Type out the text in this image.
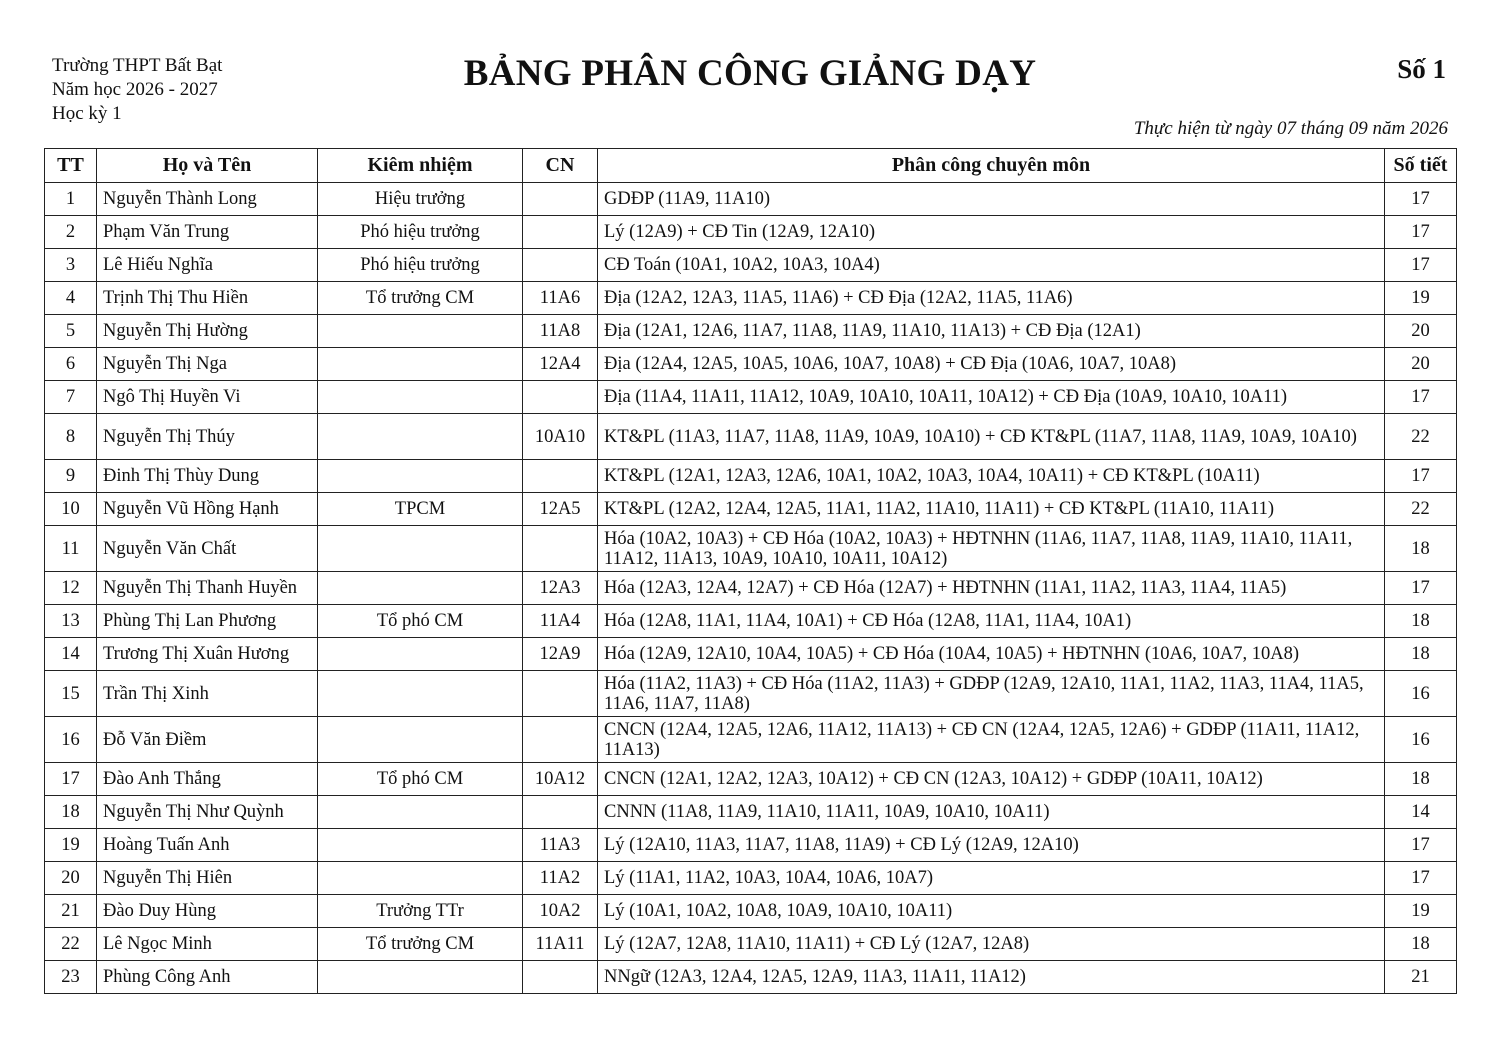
Trường THPT Bất Bạt
Năm học 2026 - 2027
Học kỳ 1
BẢNG PHÂN CÔNG GIẢNG DẠY	Số 1
Thực hiện từ ngày 07 tháng 09 năm 2026
TT	Họ và Tên	Kiêm nhiệm	CN	Phân công chuyên môn	Số tiết
1	Nguyễn Thành Long	Hiệu trưởng		GDĐP (11A9, 11A10)	17
2	Phạm Văn Trung	Phó hiệu trưởng		Lý (12A9) + CĐ Tin (12A9, 12A10)	17
3	Lê Hiếu Nghĩa	Phó hiệu trưởng		CĐ Toán (10A1, 10A2, 10A3, 10A4)	17
4	Trịnh Thị Thu Hiền	Tổ trưởng CM	11A6	Địa (12A2, 12A3, 11A5, 11A6) + CĐ Địa (12A2, 11A5, 11A6)	19
5	Nguyễn Thị Hường		11A8	Địa (12A1, 12A6, 11A7, 11A8, 11A9, 11A10, 11A13) + CĐ Địa (12A1)	20
6	Nguyễn Thị Nga		12A4	Địa (12A4, 12A5, 10A5, 10A6, 10A7, 10A8) + CĐ Địa (10A6, 10A7, 10A8)	20
7	Ngô Thị Huyền Vi			Địa (11A4, 11A11, 11A12, 10A9, 10A10, 10A11, 10A12) + CĐ Địa (10A9, 10A10, 10A11)	17
8	Nguyễn Thị Thúy		10A10	KT&PL (11A3, 11A7, 11A8, 11A9, 10A9, 10A10) + CĐ KT&PL (11A7, 11A8, 11A9, 10A9, 10A10)	22
9	Đinh Thị Thùy Dung			KT&PL (12A1, 12A3, 12A6, 10A1, 10A2, 10A3, 10A4, 10A11) + CĐ KT&PL (10A11)	17
10	Nguyễn Vũ Hồng Hạnh	TPCM	12A5	KT&PL (12A2, 12A4, 12A5, 11A1, 11A2, 11A10, 11A11) + CĐ KT&PL (11A10, 11A11)	22
11	Nguyễn Văn Chất			Hóa (10A2, 10A3) + CĐ Hóa (10A2, 10A3) + HĐTNHN (11A6, 11A7, 11A8, 11A9, 11A10, 11A11, 11A12, 11A13, 10A9, 10A10, 10A11, 10A12)	18
12	Nguyễn Thị Thanh Huyền		12A3	Hóa (12A3, 12A4, 12A7) + CĐ Hóa (12A7) + HĐTNHN (11A1, 11A2, 11A3, 11A4, 11A5)	17
13	Phùng Thị Lan Phương	Tổ phó CM	11A4	Hóa (12A8, 11A1, 11A4, 10A1) + CĐ Hóa (12A8, 11A1, 11A4, 10A1)	18
14	Trương Thị Xuân Hương		12A9	Hóa (12A9, 12A10, 10A4, 10A5) + CĐ Hóa (10A4, 10A5) + HĐTNHN (10A6, 10A7, 10A8)	18
15	Trần Thị Xinh			Hóa (11A2, 11A3) + CĐ Hóa (11A2, 11A3) + GDĐP (12A9, 12A10, 11A1, 11A2, 11A3, 11A4, 11A5, 11A6, 11A7, 11A8)	16
16	Đỗ Văn Điềm			CNCN (12A4, 12A5, 12A6, 11A12, 11A13) + CĐ CN (12A4, 12A5, 12A6) + GDĐP (11A11, 11A12, 11A13)	16
17	Đào Anh Thắng	Tổ phó CM	10A12	CNCN (12A1, 12A2, 12A3, 10A12) + CĐ CN (12A3, 10A12) + GDĐP (10A11, 10A12)	18
18	Nguyễn Thị Như Quỳnh			CNNN (11A8, 11A9, 11A10, 11A11, 10A9, 10A10, 10A11)	14
19	Hoàng Tuấn Anh		11A3	Lý (12A10, 11A3, 11A7, 11A8, 11A9) + CĐ Lý (12A9, 12A10)	17
20	Nguyễn Thị Hiên		11A2	Lý (11A1, 11A2, 10A3, 10A4, 10A6, 10A7)	17
21	Đào Duy Hùng	Trưởng TTr	10A2	Lý (10A1, 10A2, 10A8, 10A9, 10A10, 10A11)	19
22	Lê Ngọc Minh	Tổ trưởng CM	11A11	Lý (12A7, 12A8, 11A10, 11A11) + CĐ Lý (12A7, 12A8)	18
23	Phùng Công Anh			NNgữ (12A3, 12A4, 12A5, 12A9, 11A3, 11A11, 11A12)	21
